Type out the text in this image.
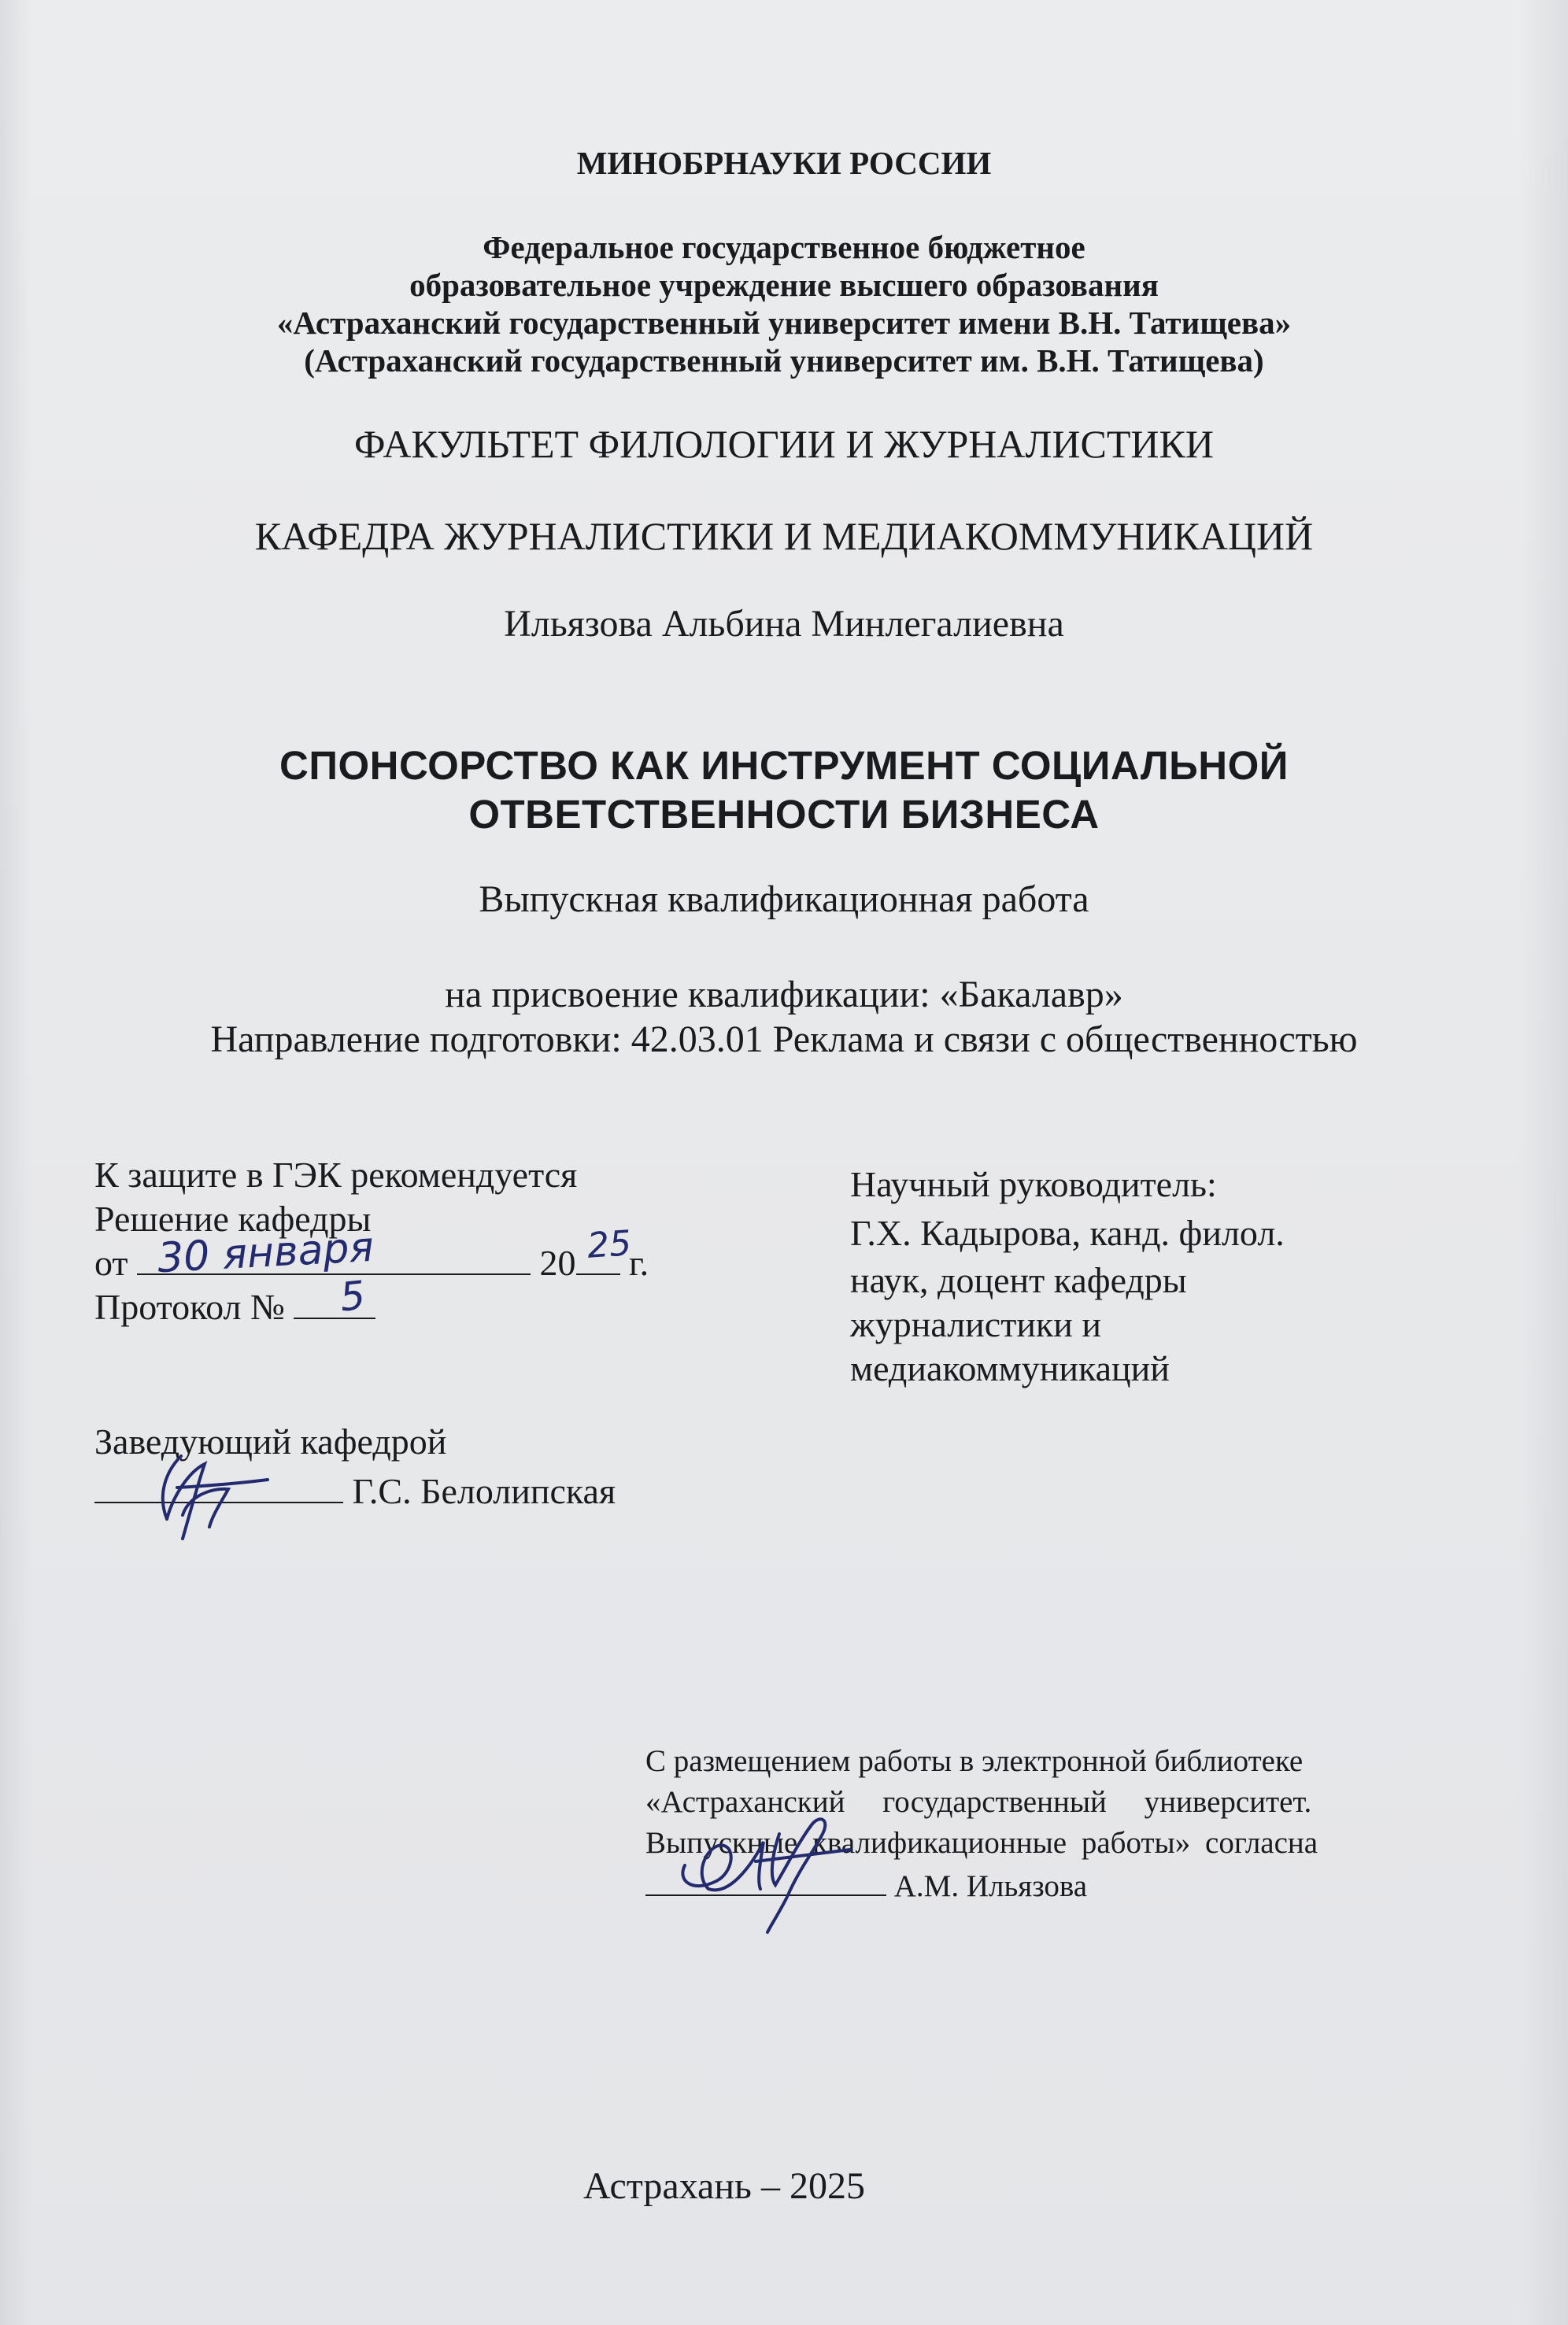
МИНОБРНАУКИ РОССИИ
Федеральное государственное бюджетное
образовательное учреждение высшего образования
«Астраханский государственный университет имени В.Н. Татищева»
(Астраханский государственный университет им. В.Н. Татищева)
ФАКУЛЬТЕТ ФИЛОЛОГИИ И ЖУРНАЛИСТИКИ
КАФЕДРА ЖУРНАЛИСТИКИ И МЕДИАКОММУНИКАЦИЙ
Ильязова Альбина Минлегалиевна
СПОНСОРСТВО КАК ИНСТРУМЕНТ СОЦИАЛЬНОЙ
ОТВЕТСТВЕННОСТИ БИЗНЕСА
Выпускная квалификационная работа
на присвоение квалификации: «Бакалавр»
Направление подготовки: 42.03.01 Реклама и связи с общественностью
К защите в ГЭК рекомендуется
Решение кафедры
от	20 г.
Протокол №
30 января	25
5
Научный руководитель:
Г.Х. Кадырова, канд. филол.
наук, доцент кафедры
журналистики и
медиакоммуникаций
Заведующий кафедрой
Г.С. Белолипская
С размещением работы в электронной библиотеке
«Астраханский государственный университет.
Выпускные квалификационные работы» согласна
А.М. Ильязова
Астрахань – 2025
